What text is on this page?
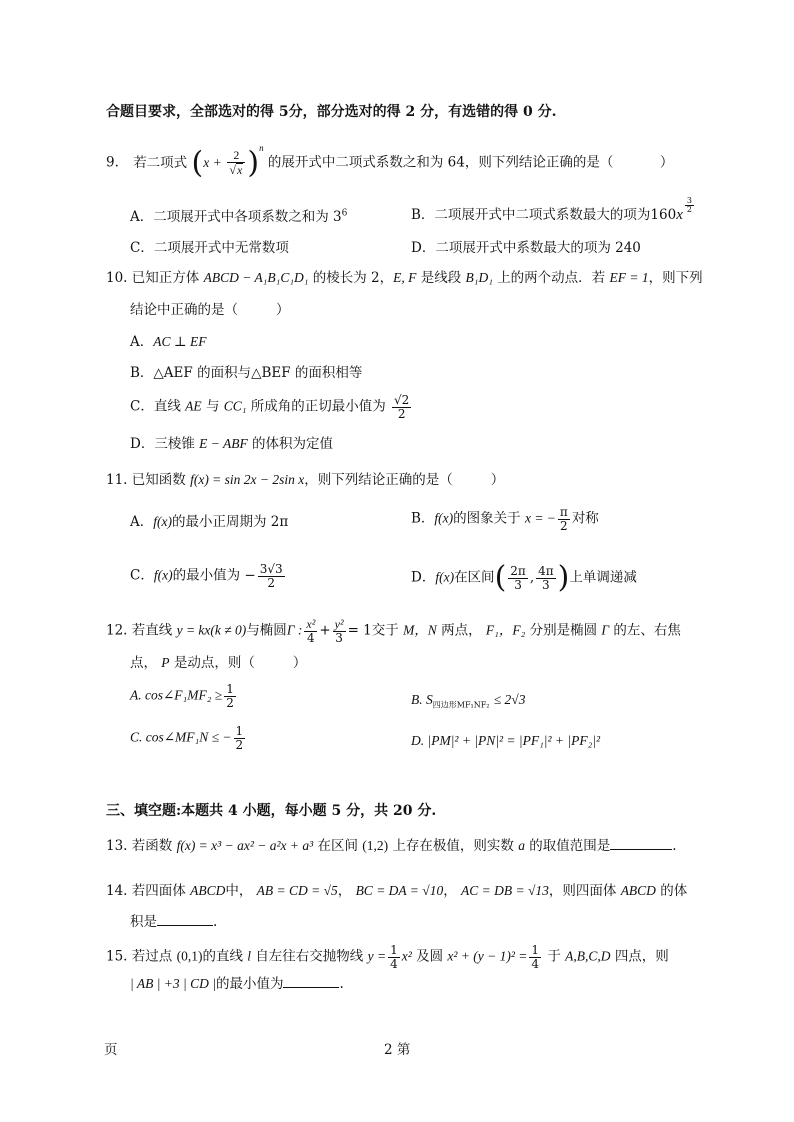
合题目要求，全部选对的得 5分，部分选对的得 2 分，有选错的得 0 分.
9. 若二项式 $(x + \frac{2}{√x} )^n$ 的展开式中二项式系数之和为 64，则下列结论正确的是（	）
A．二项展开式中各项系数之和为 $3^6$	B．二项展开式中二项式系数最大的项为160x
$\frac{3}{2}$
C．二项展开式中无常数项	D．二项展开式中系数最大的项为 240
10. 已知正方体 ABCD − A₁B₁C₁D₁ 的棱长为 2，E, F 是线段 B₁D₁ 上的两个动点．若 EF = 1，则下列
结论中正确的是（	）
A．AC ⊥ EF
B．△AEF 的面积与△BEF 的面积相等
C．直线 AE 与 CC₁ 所成角的正切最小值为 $\frac{√2}{2}$
D．三棱锥 E − ABF 的体积为定值
11. 已知函数 f(x) = sin 2x − 2sin x，则下列结论正确的是（	）
A．f(x)的最小正周期为 2π	B．f(x)的图象关于 x = − $\frac{\pi}{2}$ 对称
C．f(x)的最小值为 − $\frac{3√3}{2}$	D．f(x)在区间( $\frac{2\pi}{3}$ , $\frac{4\pi}{3}$ )上单调递减
12. 若直线 y = kx(k ≠ 0)与椭圆Γ : $\frac{\text{x²}}{4} + \frac{\text{y²}}{3} = 1$交于 M，N 两点， F₁，F₂ 分别是椭圆 Γ 的左、右焦
点， P 是动点，则（	）
A. cos∠F₁MF₂ ≥ $\frac{1}{2}$	B. $S_{四边形MF_1NF_2} \le 2√3$
C. cos∠MF₁N ≤ − $\frac{1}{2}$	D. |PM|² + |PN|² = |PF₁|² + |PF₂|²
三、填空题:本题共 4 小题，每小题 5 分，共 20 分.
13. 若函数 f(x) = x³ − ax² − a²x + a³ 在区间 (1,2) 上存在极值，则实数 a 的取值范围是	.
14. 若四面体 ABCD中， AB = CD = √5， BC = DA = √10， AC = DB = √13，则四面体 ABCD 的体
积是	.
15. 若过点 (0,1)的直线 l 自左往右交抛物线 $y = \frac{1}{4} x^2$ 及圆 $x^2 + (y - 1)^2 = \frac{1}{4}$ 于 A,B,C,D 四点，则
| AB | +3 | CD |的最小值为	.
页	2 第
